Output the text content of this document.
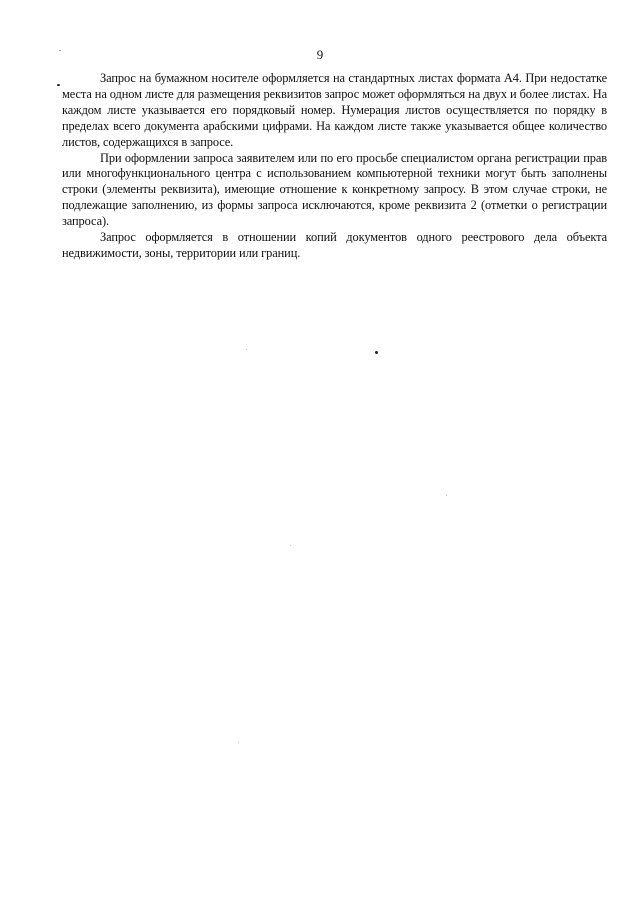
9

Запрос на бумажном носителе оформляется на стандартных листах формата А4. При недостатке места на одном листе для размещения реквизитов запрос может оформляться на двух и более листах. На каждом листе указывается его порядковый номер. Нумерация листов осуществляется по порядку в пределах всего документа арабскими цифрами. На каждом листе также указывается общее количество листов, содержащихся в запросе.

При оформлении запроса заявителем или по его просьбе специалистом органа регистрации прав или многофункционального центра с использованием компьютерной техники могут быть заполнены строки (элементы реквизита), имеющие отношение к конкретному запросу. В этом случае строки, не подлежащие заполнению, из формы запроса исключаются, кроме реквизита 2 (отметки о регистрации запроса).

Запрос оформляется в отношении копий документов одного реестрового дела объекта недвижимости, зоны, территории или границ.
